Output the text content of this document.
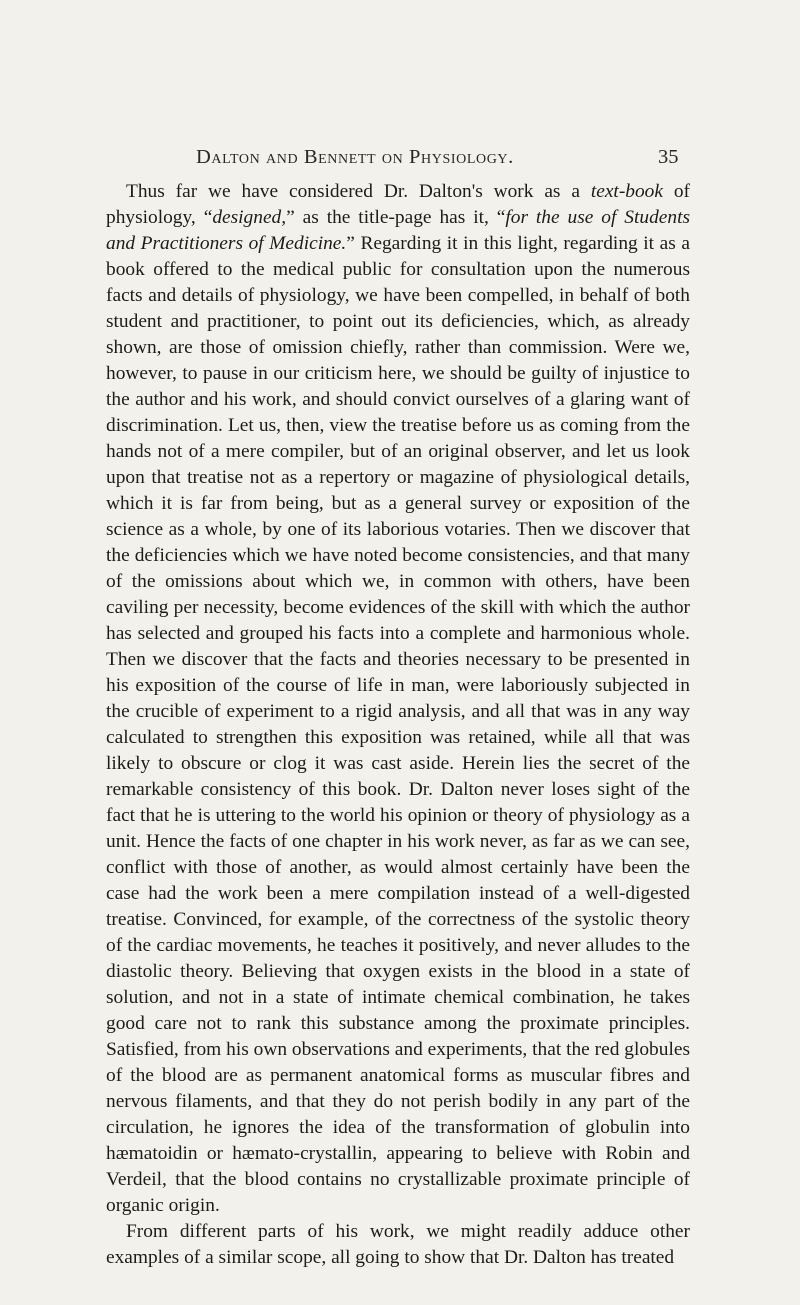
Dalton and Bennett on Physiology.	35

Thus far we have considered Dr. Dalton's work as a text-book of physiology, “designed,” as the title-page has it, “for the use of Students and Practitioners of Medicine.” Regarding it in this light, regarding it as a book offered to the medical public for consultation upon the numerous facts and details of physiology, we have been compelled, in behalf of both student and practitioner, to point out its deficiencies, which, as already shown, are those of omission chiefly, rather than commission. Were we, however, to pause in our criticism here, we should be guilty of injustice to the author and his work, and should convict ourselves of a glaring want of discrimination. Let us, then, view the treatise before us as coming from the hands not of a mere compiler, but of an original observer, and let us look upon that treatise not as a repertory or magazine of physiological details, which it is far from being, but as a general survey or exposition of the science as a whole, by one of its laborious votaries. Then we discover that the deficiencies which we have noted become consistencies, and that many of the omissions about which we, in common with others, have been caviling per necessity, become evidences of the skill with which the author has selected and grouped his facts into a complete and harmonious whole. Then we discover that the facts and theories necessary to be presented in his exposition of the course of life in man, were laboriously subjected in the crucible of experiment to a rigid analysis, and all that was in any way calculated to strengthen this exposition was retained, while all that was likely to obscure or clog it was cast aside. Herein lies the secret of the remarkable consistency of this book. Dr. Dalton never loses sight of the fact that he is uttering to the world his opinion or theory of physiology as a unit. Hence the facts of one chapter in his work never, as far as we can see, conflict with those of another, as would almost certainly have been the case had the work been a mere compilation instead of a well-digested treatise. Convinced, for example, of the correctness of the systolic theory of the cardiac movements, he teaches it positively, and never alludes to the diastolic theory. Believing that oxygen exists in the blood in a state of solution, and not in a state of intimate chemical combination, he takes good care not to rank this substance among the proximate principles. Satisfied, from his own observations and experiments, that the red globules of the blood are as permanent anatomical forms as muscular fibres and nervous filaments, and that they do not perish bodily in any part of the circulation, he ignores the idea of the transformation of globulin into hæmatoidin or hæmato-crystallin, appearing to believe with Robin and Verdeil, that the blood contains no crystallizable proximate principle of organic origin.

From different parts of his work, we might readily adduce other examples of a similar scope, all going to show that Dr. Dalton has treated
